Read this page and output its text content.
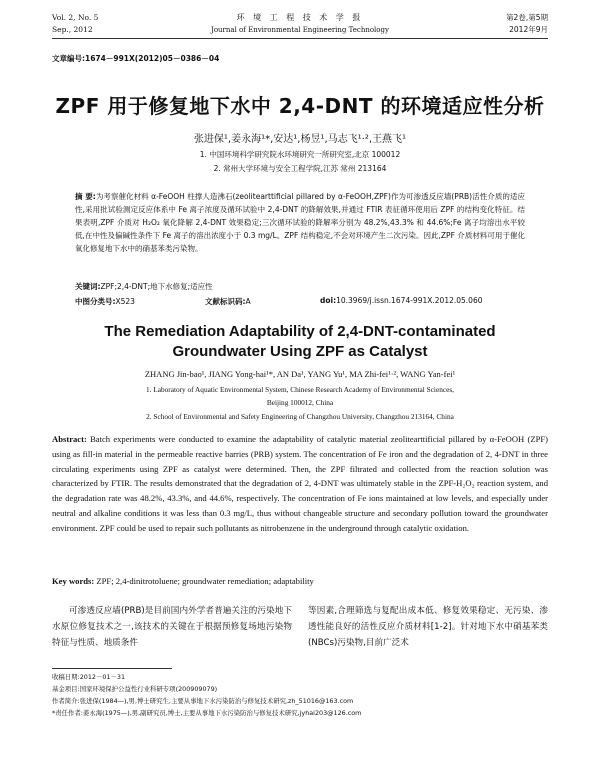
Vol. 2, No. 5
Sep., 2012
环 境 工 程 技 术 学 报
Journal of Environmental Engineering Technology
第2卷,第5期
2012年9月
文章编号:1674－991X(2012)05－0386－04
ZPF 用于修复地下水中 2,4-DNT 的环境适应性分析
张进保¹,姜永海¹*,安达¹,杨昱¹,马志飞¹·²,王燕飞¹
1. 中国环境科学研究院水环境研究一所研究室,北京 100012
2. 常州大学环境与安全工程学院,江苏 常州 213164
摘 要:为考察催化材料 α-FeOOH 柱撑人造沸石(zeolitearttificial pillared by α-FeOOH,ZPF)作为可渗透反应墙(PRB)活性介质的适应性,采用批试验测定反应体系中 Fe 离子浓度及循环试验中 2,4-DNT 的降解效果,并通过 FTIR 表征循环使用后 ZPF 的结构变化特征。结果表明,ZPF 介质对 H₂O₂ 氧化降解 2,4-DNT 效果稳定;三次循环试验的降解率分别为 48.2%,43.3% 和 44.6%;Fe 离子均溶出水平较低,在中性及偏碱性条件下 Fe 离子的溶出浓度小于 0.3 mg/L。ZPF 结构稳定,不会对环境产生二次污染。因此,ZPF 介质材料可用于催化氧化修复地下水中的硝基苯类污染物。
关键词:ZPF;2,4-DNT;地下水修复;适应性
中图分类号:X523	文献标识码:A	doi:10.3969/j.issn.1674-991X.2012.05.060
The Remediation Adaptability of 2,4-DNT-contaminated Groundwater Using ZPF as Catalyst
ZHANG Jin-bao¹, JIANG Yong-hai¹*, AN Da¹, YANG Yu¹, MA Zhi-fei¹·², WANG Yan-fei¹
1. Laboratory of Aquatic Environmental System, Chinese Research Academy of Environmental Sciences,
Beijing 100012, China
2. School of Environmental and Safety Engineering of Changzhou University, Changzhou 213164, China
Abstract: Batch experiments were conducted to examine the adaptability of catalytic material zeolitearttificial pillared by α-FeOOH (ZPF) using as fill-in material in the permeable reactive barries (PRB) system. The concentration of Fe iron and the degradation of 2, 4-DNT in three circulating experiments using ZPF as catalyst were determined. Then, the ZPF filtrated and collected from the reaction solution was characterized by FTIR. The results demonstrated that the degradation of 2, 4-DNT was ultimately stable in the ZPF-H₂O₂ reaction system, and the degradation rate was 48.2%, 43.3%, and 44.6%, respectively. The concentration of Fe ions maintained at low levels, and especially under neutral and alkaline conditions it was less than 0.3 mg/L, thus without changeable structure and secondary pollution toward the groundwater environment. ZPF could be used to repair such pollutants as nitrobenzene in the underground through catalytic oxidation.
Key words: ZPF; 2,4-dinitrotoluene; groundwater remediation; adaptability
可渗透反应墙(PRB)是目前国内外学者普遍关注的污染地下水原位修复技术之一,该技术的关键在于根据预修复场地污染物特征与性质、地质条件
等因素,合理筛选与复配出成本低、修复效果稳定、无污染、渗透性能良好的活性反应介质材料[1-2]。针对地下水中硝基苯类(NBCs)污染物,目前广泛术
收稿日期:2012－01－31
基金项目:国家环境保护公益性行业科研专项(200909079)
作者简介:张进保(1984—),男,博士研究生,主要从事地下水污染防治与修复技术研究,zh_51016@163.com
*责任作者:姜永海(1975—),男,副研究员,博士,主要从事地下水污染防治与修复技术研究,jyhai203@126.com
